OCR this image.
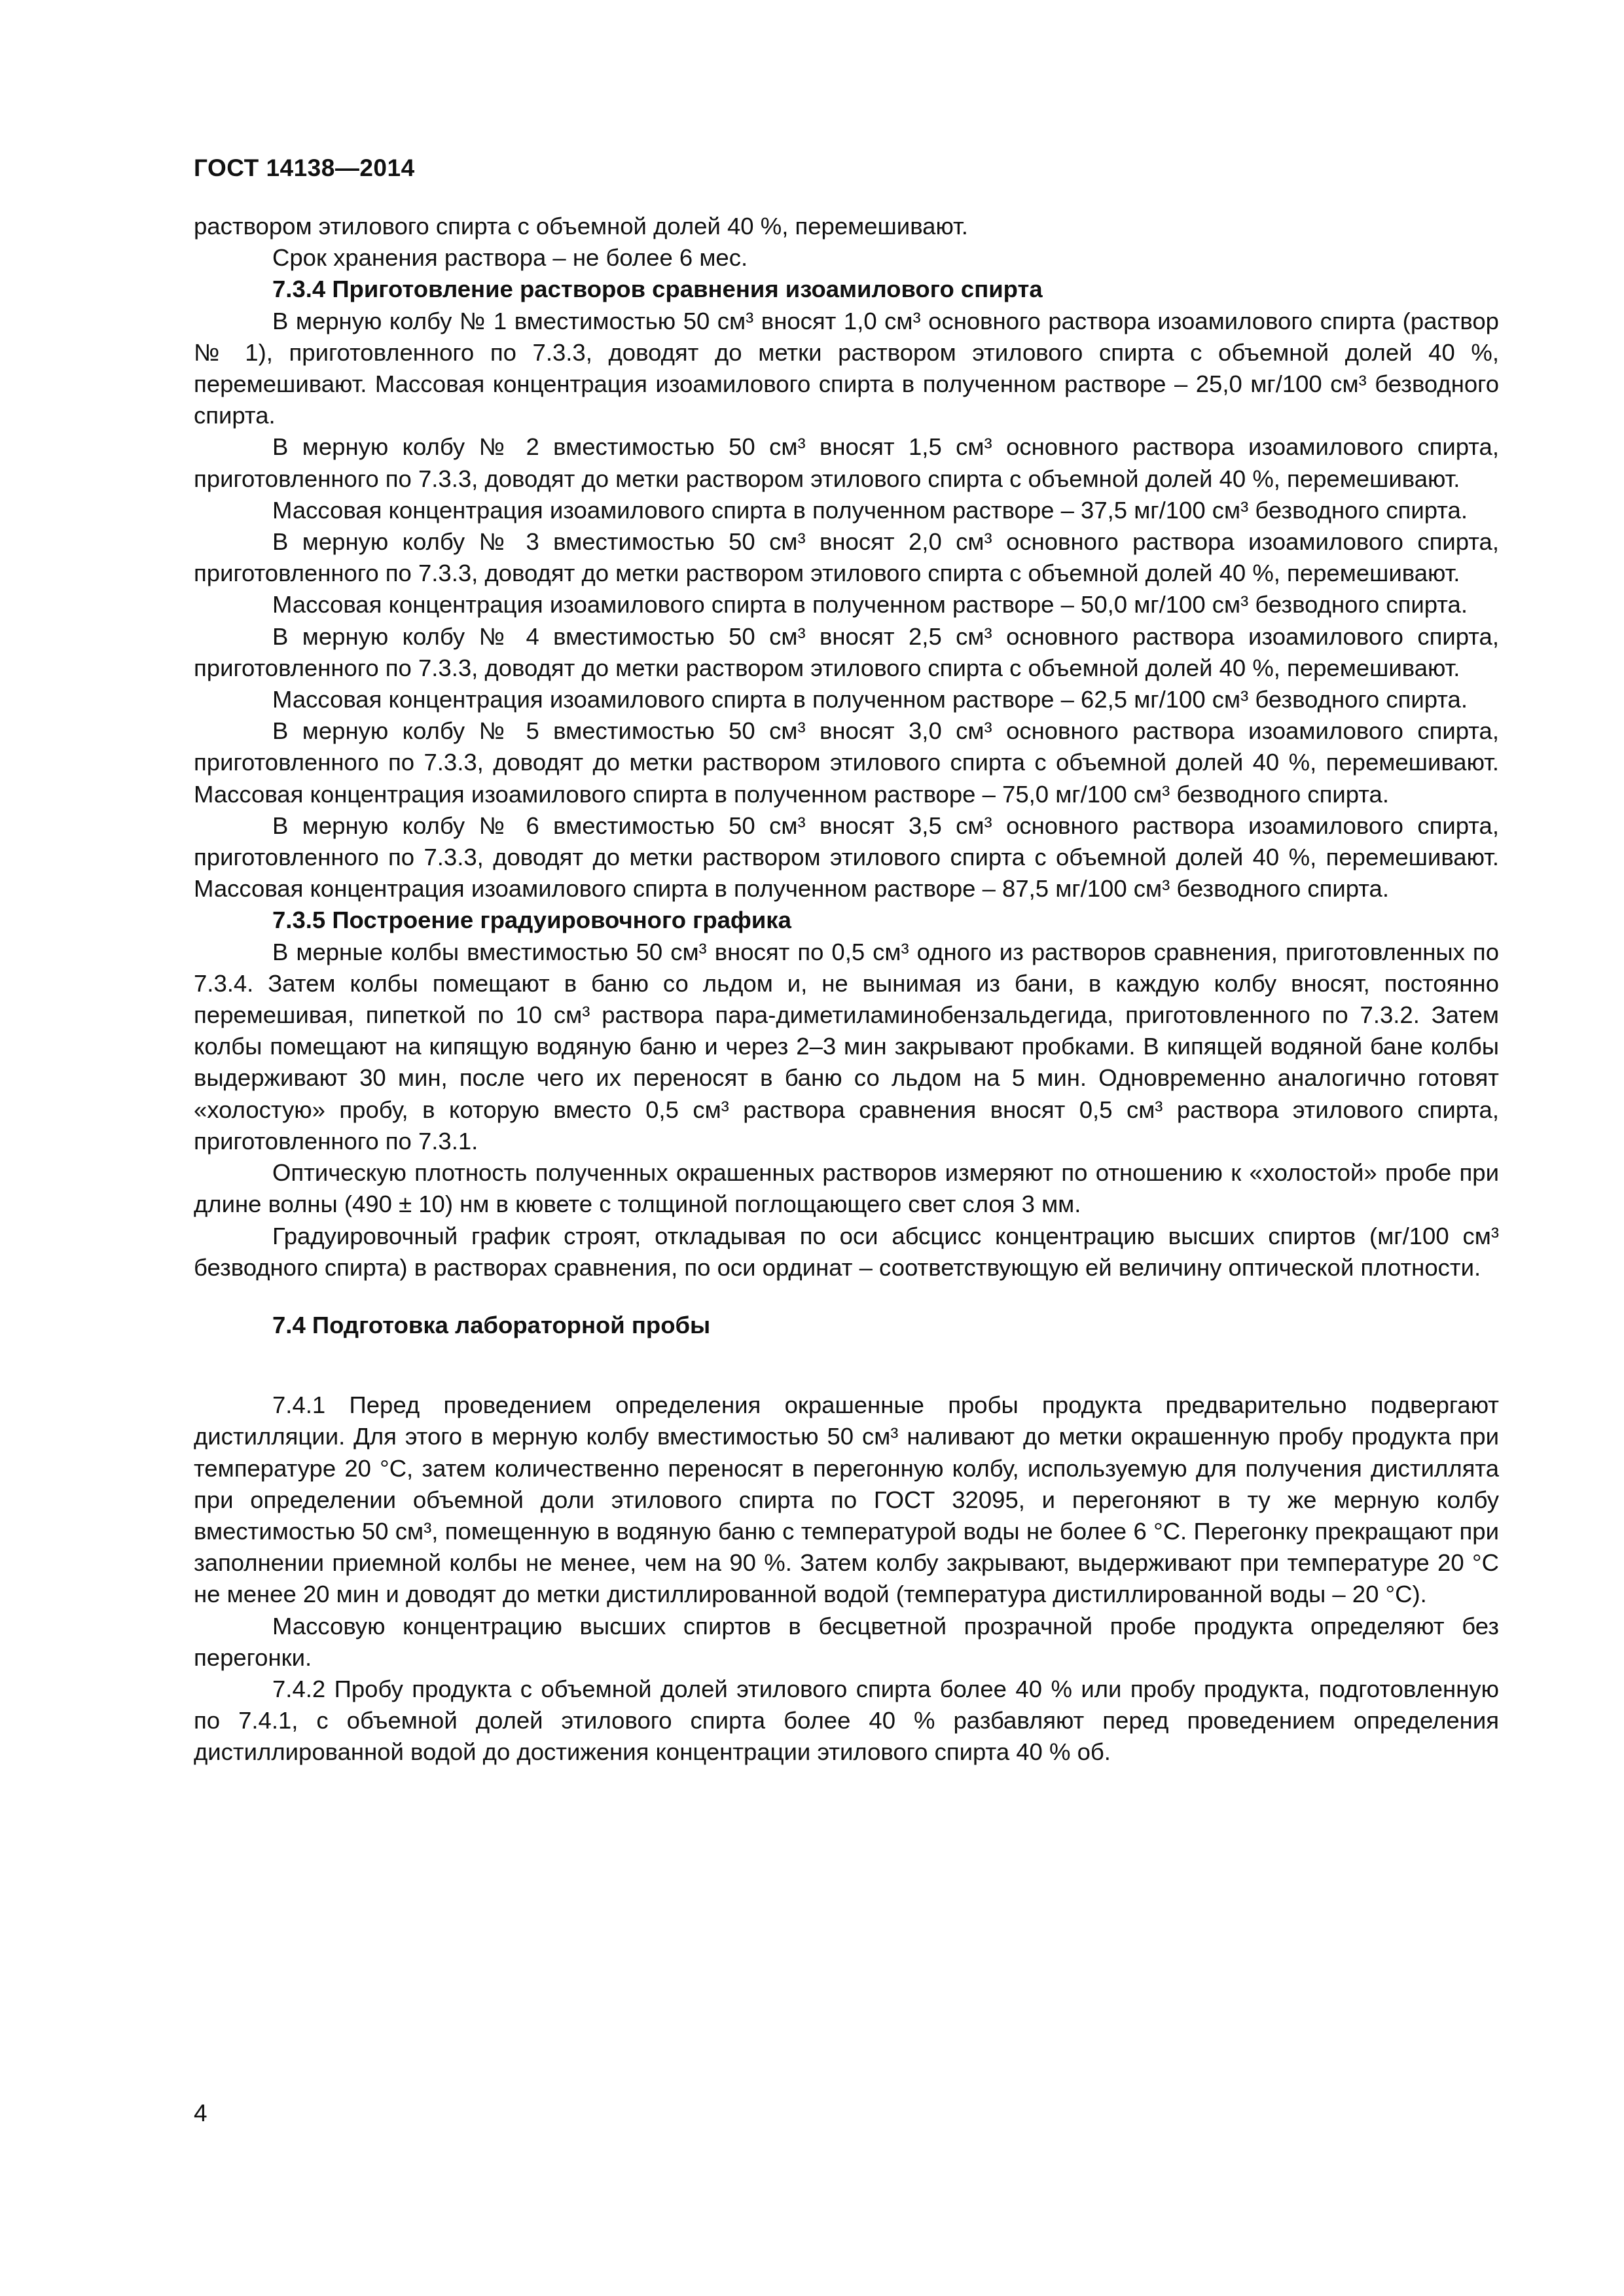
ГОСТ 14138—2014

раствором этилового спирта с объемной долей 40 %, перемешивают.

Срок хранения раствора – не более 6 мес.

7.3.4 Приготовление растворов сравнения изоамилового спирта

В мерную колбу № 1 вместимостью 50 см³ вносят 1,0 см³ основного раствора изоамилового спирта (раствор № 1), приготовленного по 7.3.3, доводят до метки раствором этилового спирта с объемной долей 40 %, перемешивают. Массовая концентрация изоамилового спирта в полученном растворе – 25,0 мг/100 см³ безводного спирта.

В мерную колбу № 2 вместимостью 50 см³ вносят 1,5 см³ основного раствора изоамилового спирта, приготовленного по 7.3.3, доводят до метки раствором этилового спирта с объемной долей 40 %, перемешивают.

Массовая концентрация изоамилового спирта в полученном растворе – 37,5 мг/100 см³ безводного спирта.

В мерную колбу № 3 вместимостью 50 см³ вносят 2,0 см³ основного раствора изоамилового спирта, приготовленного по 7.3.3, доводят до метки раствором этилового спирта с объемной долей 40 %, перемешивают.

Массовая концентрация изоамилового спирта в полученном растворе – 50,0 мг/100 см³ безводного спирта.

В мерную колбу № 4 вместимостью 50 см³ вносят 2,5 см³ основного раствора изоамилового спирта, приготовленного по 7.3.3, доводят до метки раствором этилового спирта с объемной долей 40 %, перемешивают.

Массовая концентрация изоамилового спирта в полученном растворе – 62,5 мг/100 см³ безводного спирта.

В мерную колбу № 5 вместимостью 50 см³ вносят 3,0 см³ основного раствора изоамилового спирта, приготовленного по 7.3.3, доводят до метки раствором этилового спирта с объемной долей 40 %, перемешивают. Массовая концентрация изоамилового спирта в полученном растворе – 75,0 мг/100 см³ безводного спирта.

В мерную колбу № 6 вместимостью 50 см³ вносят 3,5 см³ основного раствора изоамилового спирта, приготовленного по 7.3.3, доводят до метки раствором этилового спирта с объемной долей 40 %, перемешивают. Массовая концентрация изоамилового спирта в полученном растворе – 87,5 мг/100 см³ безводного спирта.

7.3.5 Построение градуировочного графика

В мерные колбы вместимостью 50 см³ вносят по 0,5 см³ одного из растворов сравнения, приготовленных по 7.3.4. Затем колбы помещают в баню со льдом и, не вынимая из бани, в каждую колбу вносят, постоянно перемешивая, пипеткой по 10 см³ раствора пара-диметиламинобензальдегида, приготовленного по 7.3.2. Затем колбы помещают на кипящую водяную баню и через 2–3 мин закрывают пробками. В кипящей водяной бане колбы выдерживают 30 мин, после чего их переносят в баню со льдом на 5 мин. Одновременно аналогично готовят «холостую» пробу, в которую вместо 0,5 см³ раствора сравнения вносят 0,5 см³ раствора этилового спирта, приготовленного по 7.3.1.

Оптическую плотность полученных окрашенных растворов измеряют по отношению к «холостой» пробе при длине волны (490 ± 10) нм в кювете с толщиной поглощающего свет слоя 3 мм.

Градуировочный график строят, откладывая по оси абсцисс концентрацию высших спиртов (мг/100 см³ безводного спирта) в растворах сравнения, по оси ординат – соответствующую ей величину оптической плотности.

7.4 Подготовка лабораторной пробы

7.4.1 Перед проведением определения окрашенные пробы продукта предварительно подвергают дистилляции. Для этого в мерную колбу вместимостью 50 см³ наливают до метки окрашенную пробу продукта при температуре 20 °С, затем количественно переносят в перегонную колбу, используемую для получения дистиллята при определении объемной доли этилового спирта по ГОСТ 32095, и перегоняют в ту же мерную колбу вместимостью 50 см³, помещенную в водяную баню с температурой воды не более 6 °С. Перегонку прекращают при заполнении приемной колбы не менее, чем на 90 %. Затем колбу закрывают, выдерживают при температуре 20 °С не менее 20 мин и доводят до метки дистиллированной водой (температура дистиллированной воды – 20 °С).

Массовую концентрацию высших спиртов в бесцветной прозрачной пробе продукта определяют без перегонки.

7.4.2 Пробу продукта с объемной долей этилового спирта более 40 % или пробу продукта, подготовленную по 7.4.1, с объемной долей этилового спирта более 40 % разбавляют перед проведением определения дистиллированной водой до достижения концентрации этилового спирта 40 % об.

4
